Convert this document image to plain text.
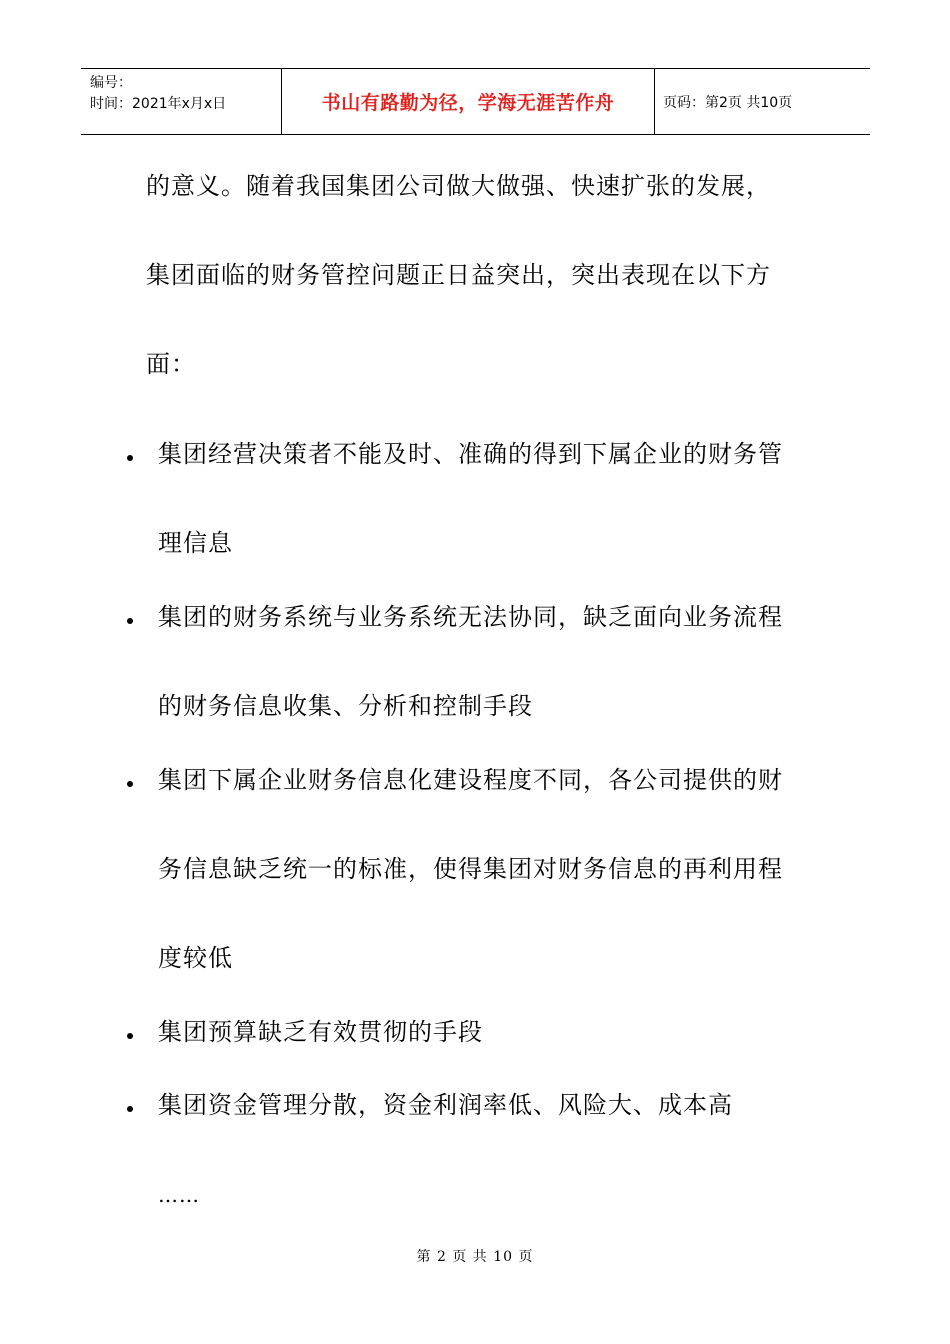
编号：
时间：2021年x月x日	书山有路勤为径，学海无涯苦作舟	页码：第2页 共10页
的意义。随着我国集团公司做大做强、快速扩张的发展，
集团面临的财务管控问题正日益突出，突出表现在以下方
面：
集团经营决策者不能及时、准确的得到下属企业的财务管
理信息
集团的财务系统与业务系统无法协同，缺乏面向业务流程
的财务信息收集、分析和控制手段
集团下属企业财务信息化建设程度不同，各公司提供的财
务信息缺乏统一的标准，使得集团对财务信息的再利用程
度较低
集团预算缺乏有效贯彻的手段
集团资金管理分散，资金利润率低、风险大、成本高
……
第 2 页 共 10 页
